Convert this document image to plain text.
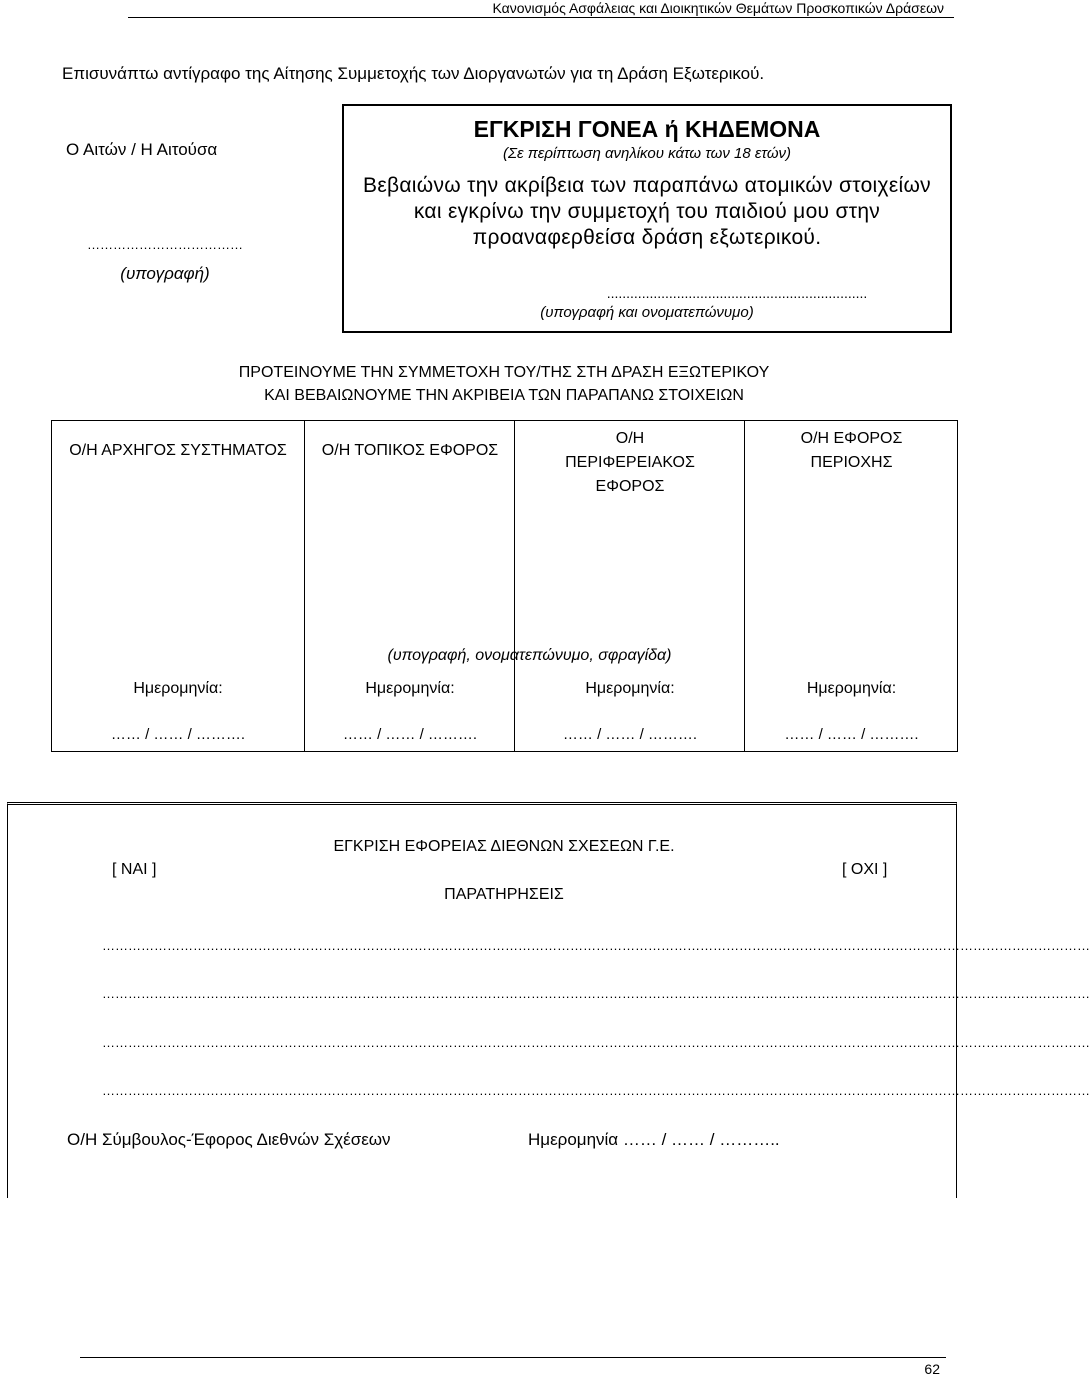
Κανονισμός Ασφάλειας και Διοικητικών Θεμάτων Προσκοπικών Δράσεων
Επισυνάπτω αντίγραφο της Αίτησης Συμμετοχής των Διοργανωτών για τη Δράση Εξωτερικού.
Ο Αιτών / Η Αιτούσα
………………………………
(υπογραφή)
ΕΓΚΡΙΣΗ ΓΟΝΕΑ ή ΚΗΔΕΜΟΝΑ
(Σε περίπτωση ανηλίκου κάτω των 18 ετών)
Βεβαιώνω την ακρίβεια των παραπάνω ατομικών στοιχείων και εγκρίνω την συμμετοχή του παιδιού μου στην προαναφερθείσα δράση εξωτερικού.
...................................................................
(υπογραφή και ονοματεπώνυμο)
ΠΡΟΤΕΙΝΟΥΜΕ ΤΗΝ ΣΥΜΜΕΤΟΧΗ ΤΟΥ/ΤΗΣ ΣΤΗ ΔΡΑΣΗ ΕΞΩΤΕΡΙΚΟΥ
ΚΑΙ ΒΕΒΑΙΩΝΟΥΜΕ ΤΗΝ ΑΚΡΙΒΕΙΑ ΤΩΝ ΠΑΡΑΠΑΝΩ ΣΤΟΙΧΕΙΩΝ
Ο/Η ΑΡΧΗΓΟΣ ΣΥΣΤΗΜΑΤΟΣ
Ημερομηνία:
…… / …… / ……….
Ο/Η ΤΟΠΙΚΟΣ ΕΦΟΡΟΣ
Ημερομηνία:
…… / …… / ……….
Ο/Η ΠΕΡΙΦΕΡΕΙΑΚΟΣ ΕΦΟΡΟΣ
Ημερομηνία:
…… / …… / ……….
Ο/Η ΕΦΟΡΟΣ ΠΕΡΙΟΧΗΣ
Ημερομηνία:
…… / …… / ……….
(υπογραφή, ονοματεπώνυμο, σφραγίδα)
ΕΓΚΡΙΣΗ ΕΦΟΡΕΙΑΣ ΔΙΕΘΝΩΝ ΣΧΕΣΕΩΝ Γ.Ε.
[ ΝΑΙ ]	[ ΟΧΙ ]
ΠΑΡΑΤΗΡΗΣΕΙΣ
…………………………………………………………………………………………………………………………………………………………………………………………………………
…………………………………………………………………………………………………………………………………………………………………………………………………………
…………………………………………………………………………………………………………………………………………………………………………………………………………
…………………………………………………………………………………………………………………………………………………………………………………………………………
Ο/Η Σύμβουλος-Έφορος Διεθνών Σχέσεων	Ημερομηνία …… / …… / ………..
62
